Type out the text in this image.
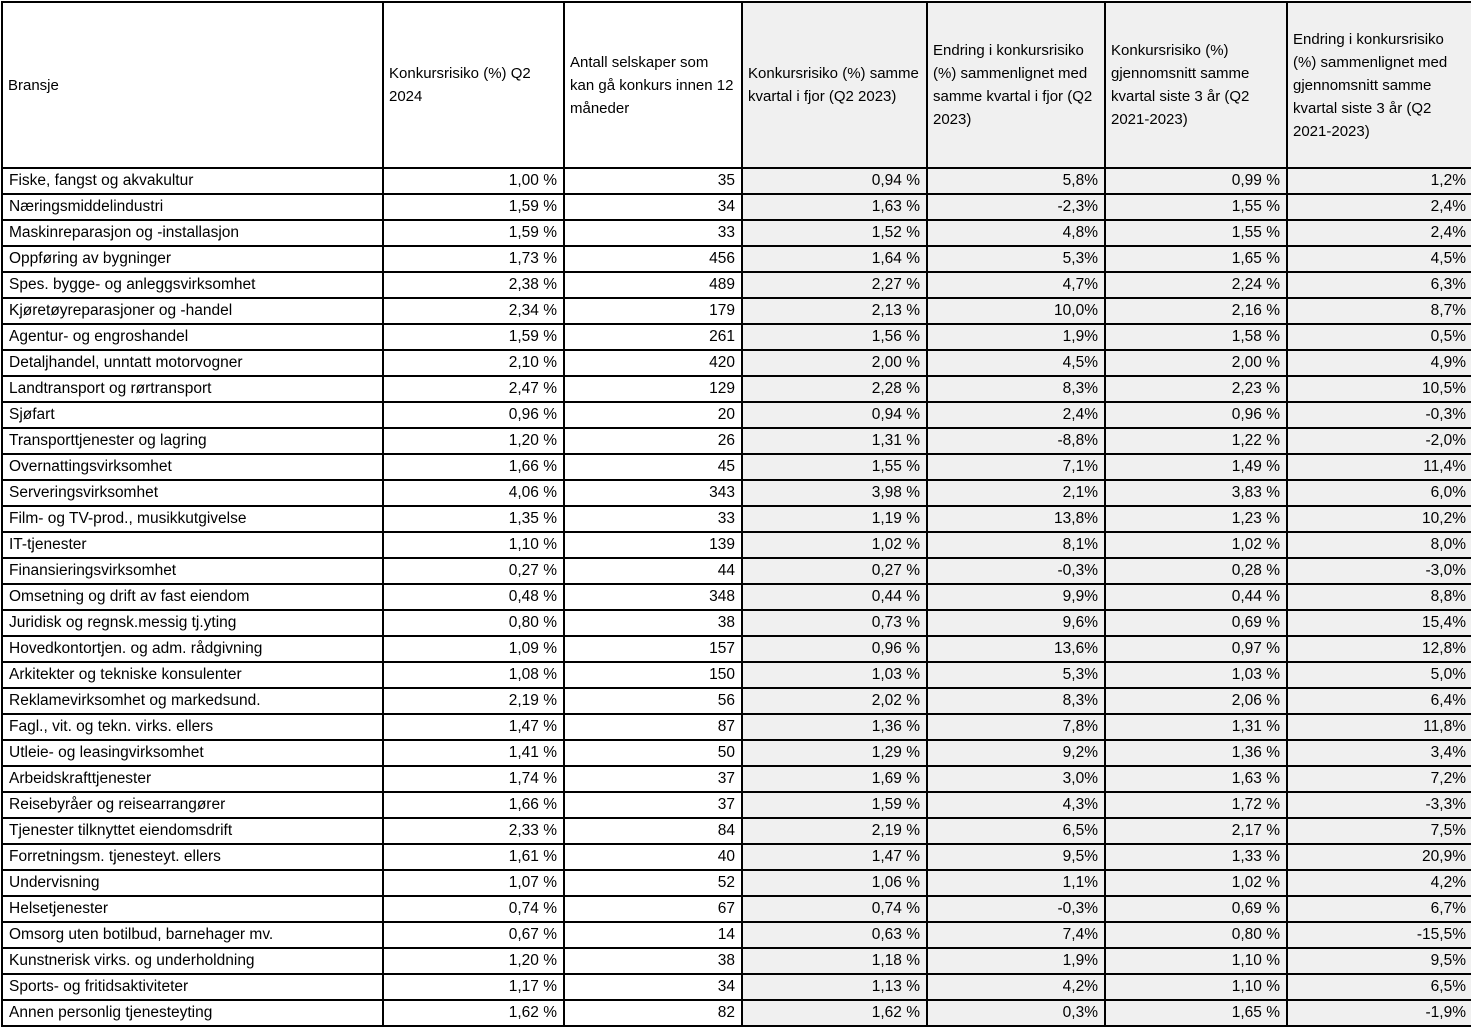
Bransje	Konkursrisiko (%) Q2 2024	Antall selskaper som kan gå konkurs innen 12 måneder	Konkursrisiko (%) samme kvartal i fjor (Q2 2023)	Endring i konkursrisiko (%) sammenlignet med samme kvartal i fjor (Q2 2023)	Konkursrisiko (%) gjennomsnitt samme kvartal siste 3 år (Q2 2021-2023)	Endring i konkursrisiko (%) sammenlignet med gjennomsnitt samme kvartal siste 3 år (Q2 2021-2023)
Fiske, fangst og akvakultur	1,00 %	35	0,94 %	5,8%	0,99 %	1,2%
Næringsmiddelindustri	1,59 %	34	1,63 %	-2,3%	1,55 %	2,4%
Maskinreparasjon og -installasjon	1,59 %	33	1,52 %	4,8%	1,55 %	2,4%
Oppføring av bygninger	1,73 %	456	1,64 %	5,3%	1,65 %	4,5%
Spes. bygge- og anleggsvirksomhet	2,38 %	489	2,27 %	4,7%	2,24 %	6,3%
Kjøretøyreparasjoner og -handel	2,34 %	179	2,13 %	10,0%	2,16 %	8,7%
Agentur- og engroshandel	1,59 %	261	1,56 %	1,9%	1,58 %	0,5%
Detaljhandel, unntatt motorvogner	2,10 %	420	2,00 %	4,5%	2,00 %	4,9%
Landtransport og rørtransport	2,47 %	129	2,28 %	8,3%	2,23 %	10,5%
Sjøfart	0,96 %	20	0,94 %	2,4%	0,96 %	-0,3%
Transporttjenester og lagring	1,20 %	26	1,31 %	-8,8%	1,22 %	-2,0%
Overnattingsvirksomhet	1,66 %	45	1,55 %	7,1%	1,49 %	11,4%
Serveringsvirksomhet	4,06 %	343	3,98 %	2,1%	3,83 %	6,0%
Film- og TV-prod., musikkutgivelse	1,35 %	33	1,19 %	13,8%	1,23 %	10,2%
IT-tjenester	1,10 %	139	1,02 %	8,1%	1,02 %	8,0%
Finansieringsvirksomhet	0,27 %	44	0,27 %	-0,3%	0,28 %	-3,0%
Omsetning og drift av fast eiendom	0,48 %	348	0,44 %	9,9%	0,44 %	8,8%
Juridisk og regnsk.messig tj.yting	0,80 %	38	0,73 %	9,6%	0,69 %	15,4%
Hovedkontortjen. og adm. rådgivning	1,09 %	157	0,96 %	13,6%	0,97 %	12,8%
Arkitekter og tekniske konsulenter	1,08 %	150	1,03 %	5,3%	1,03 %	5,0%
Reklamevirksomhet og markedsund.	2,19 %	56	2,02 %	8,3%	2,06 %	6,4%
Fagl., vit. og tekn. virks. ellers	1,47 %	87	1,36 %	7,8%	1,31 %	11,8%
Utleie- og leasingvirksomhet	1,41 %	50	1,29 %	9,2%	1,36 %	3,4%
Arbeidskrafttjenester	1,74 %	37	1,69 %	3,0%	1,63 %	7,2%
Reisebyråer og reisearrangører	1,66 %	37	1,59 %	4,3%	1,72 %	-3,3%
Tjenester tilknyttet eiendomsdrift	2,33 %	84	2,19 %	6,5%	2,17 %	7,5%
Forretningsm. tjenesteyt. ellers	1,61 %	40	1,47 %	9,5%	1,33 %	20,9%
Undervisning	1,07 %	52	1,06 %	1,1%	1,02 %	4,2%
Helsetjenester	0,74 %	67	0,74 %	-0,3%	0,69 %	6,7%
Omsorg uten botilbud, barnehager mv.	0,67 %	14	0,63 %	7,4%	0,80 %	-15,5%
Kunstnerisk virks. og underholdning	1,20 %	38	1,18 %	1,9%	1,10 %	9,5%
Sports- og fritidsaktiviteter	1,17 %	34	1,13 %	4,2%	1,10 %	6,5%
Annen personlig tjenesteyting	1,62 %	82	1,62 %	0,3%	1,65 %	-1,9%
